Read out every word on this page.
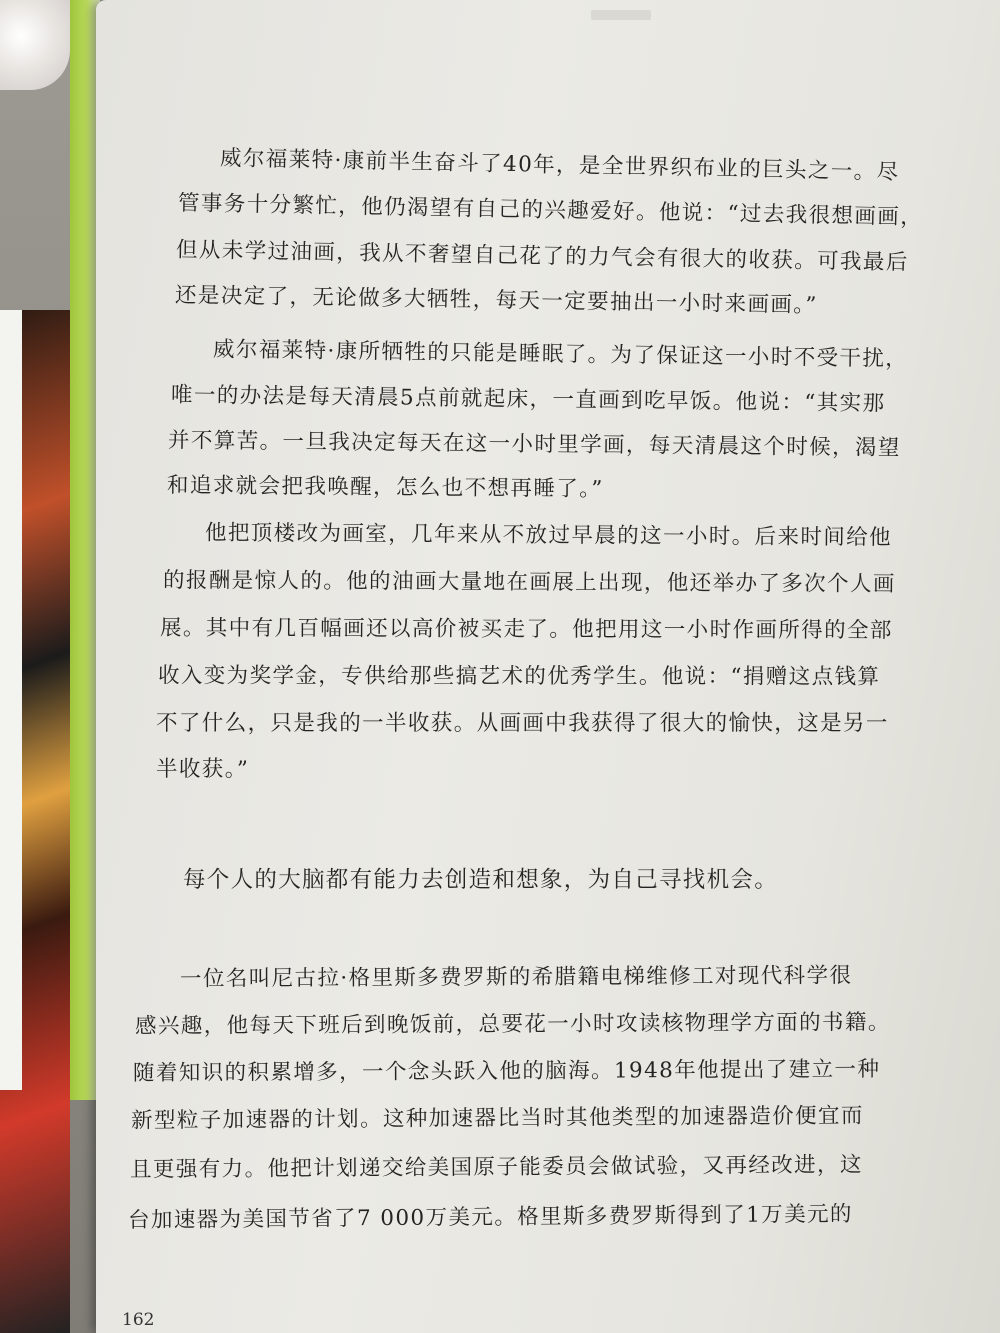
威尔福莱特·康前半生奋斗了40年，是全世界织布业的巨头之一。尽
管事务十分繁忙，他仍渴望有自己的兴趣爱好。他说：“过去我很想画画，
但从未学过油画，我从不奢望自己花了的力气会有很大的收获。可我最后
还是决定了，无论做多大牺牲，每天一定要抽出一小时来画画。”
威尔福莱特·康所牺牲的只能是睡眠了。为了保证这一小时不受干扰，
唯一的办法是每天清晨5点前就起床，一直画到吃早饭。他说：“其实那
并不算苦。一旦我决定每天在这一小时里学画，每天清晨这个时候，渴望
和追求就会把我唤醒，怎么也不想再睡了。”
他把顶楼改为画室，几年来从不放过早晨的这一小时。后来时间给他
的报酬是惊人的。他的油画大量地在画展上出现，他还举办了多次个人画
展。其中有几百幅画还以高价被买走了。他把用这一小时作画所得的全部
收入变为奖学金，专供给那些搞艺术的优秀学生。他说：“捐赠这点钱算
不了什么，只是我的一半收获。从画画中我获得了很大的愉快，这是另一
半收获。”
每个人的大脑都有能力去创造和想象，为自己寻找机会。
一位名叫尼古拉·格里斯多费罗斯的希腊籍电梯维修工对现代科学很
感兴趣，他每天下班后到晚饭前，总要花一小时攻读核物理学方面的书籍。
随着知识的积累增多，一个念头跃入他的脑海。1948年他提出了建立一种
新型粒子加速器的计划。这种加速器比当时其他类型的加速器造价便宜而
且更强有力。他把计划递交给美国原子能委员会做试验，又再经改进，这
台加速器为美国节省了7 000万美元。格里斯多费罗斯得到了1万美元的
162
